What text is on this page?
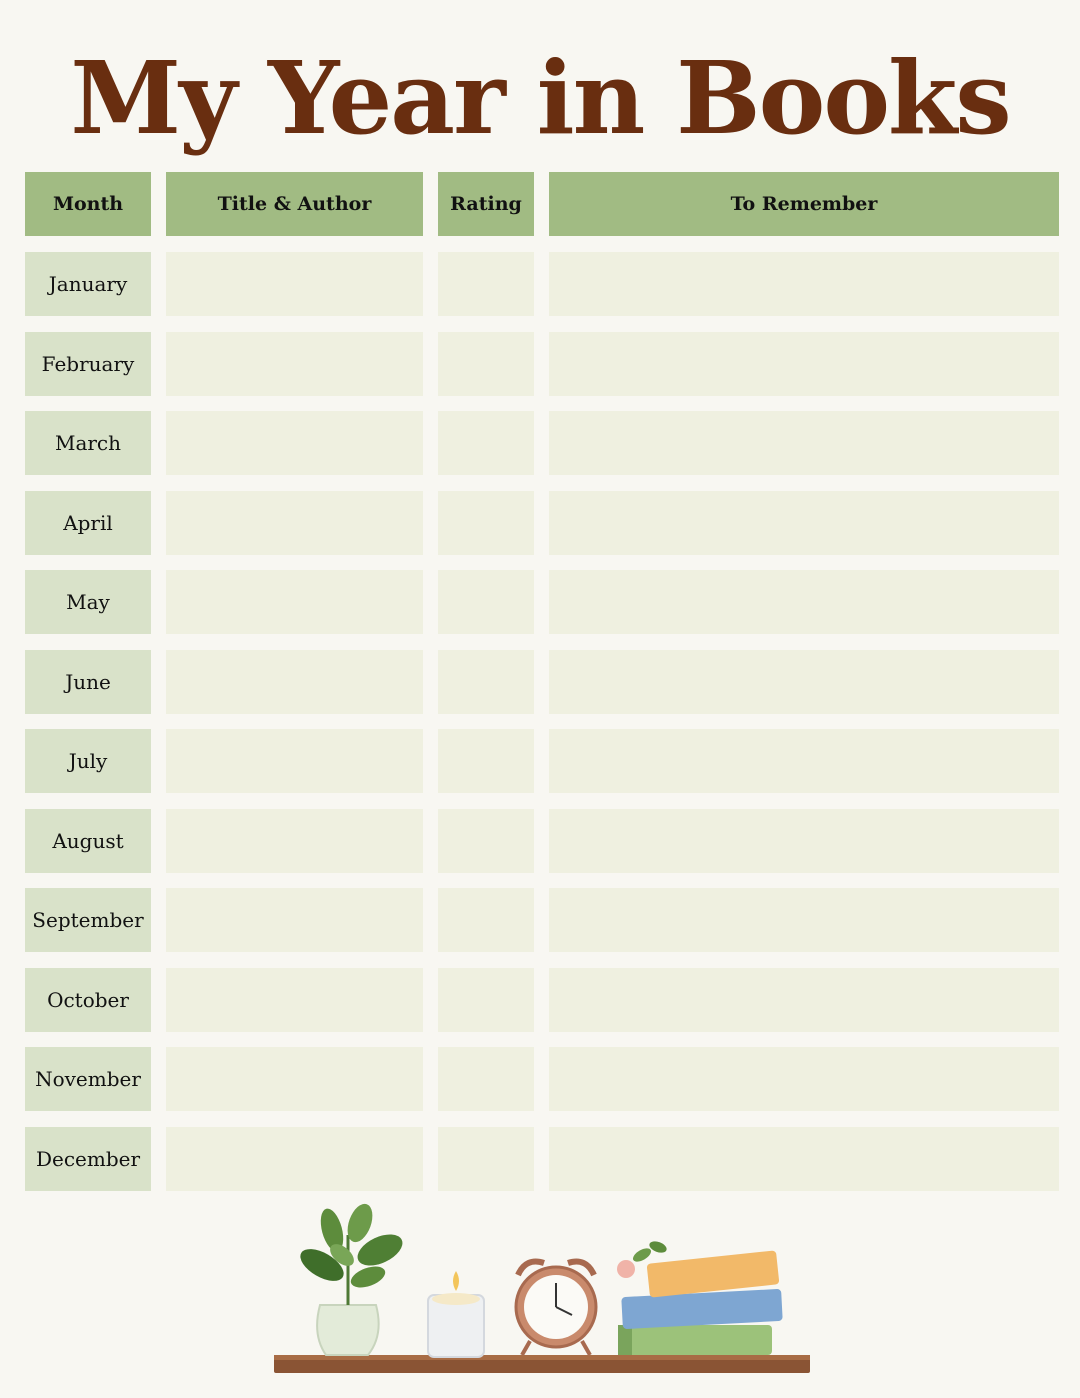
My Year in Books
Month	Title & Author	Rating	To Remember
January
February
March
April
May
June
July
August
September
October
November
December
